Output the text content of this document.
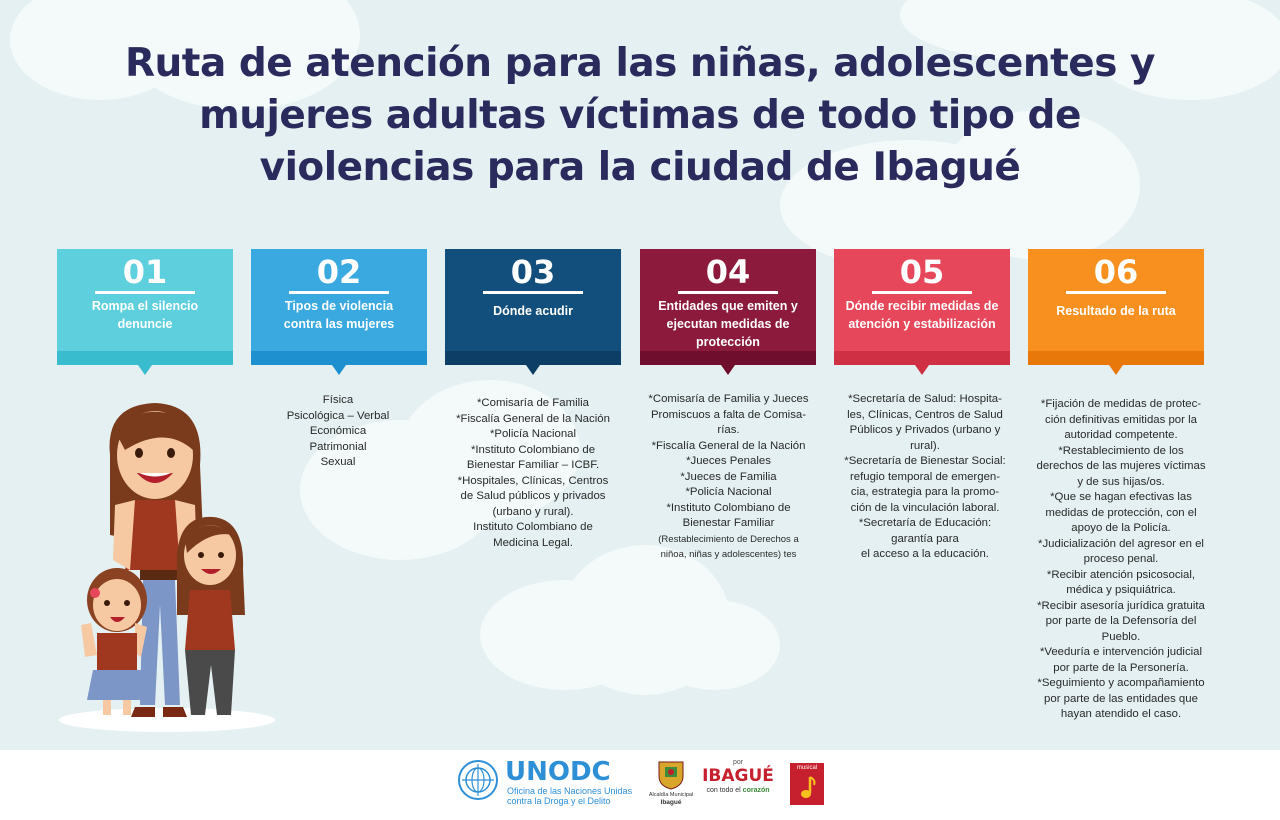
Ruta de atención para las niñas, adolescentes y
mujeres adultas víctimas de todo tipo de
violencias para la ciudad de Ibagué
01
Rompa el silencio
denuncie
02
Tipos de violencia
contra las mujeres
03
Dónde acudir
04
Entidades que emiten y
ejecutan medidas de
protección
05
Dónde recibir medidas de
atención y estabilización
06
Resultado de la ruta
Física
Psicológica – Verbal
Económica
Patrimonial
Sexual
*Comisaría de Familia
*Fiscalía General de la Nación
*Policía Nacional
*Instituto Colombiano de
Bienestar Familiar – ICBF.
*Hospitales, Clínicas, Centros
de Salud públicos y privados
(urbano y rural).
Instituto Colombiano de
Medicina Legal.
*Comisaría de Familia y Jueces
Promiscuos a falta de Comisa-
rías.
*Fiscalía General de la Nación
*Jueces Penales
*Jueces de Familia
*Policía Nacional
*Instituto Colombiano de
Bienestar Familiar
(Restablecimiento de Derechos a
niñoa, niñas y adolescentes) tes
*Secretaría de Salud: Hospita-
les, Clínicas, Centros de Salud
Públicos y Privados (urbano y
rural).
*Secretaría de Bienestar Social:
refugio temporal de emergen-
cia, estrategia para la promo-
ción de la vinculación laboral.
*Secretaría de Educación:
garantía para
el acceso a la educación.
*Fijación de medidas de protec-
ción definitivas emitidas por la
autoridad competente.
*Restablecimiento de los
derechos de las mujeres víctimas
y de sus hijas/os.
*Que se hagan efectivas las
medidas de protección, con el
apoyo de la Policía.
*Judicialización del agresor en el
proceso penal.
*Recibir atención psicosocial,
médica y psiquiátrica.
*Recibir asesoría jurídica gratuita
por parte de la Defensoría del
Pueblo.
*Veeduría e intervención judicial
por parte de la Personería.
*Seguimiento y acompañamiento
por parte de las entidades que
hayan atendido el caso.
UNODC
Oficina de las Naciones Unidas
contra la Droga y el Delito
Alcaldía Municipal
Ibagué
por
IBAGUÉ
con todo el corazón
musical
